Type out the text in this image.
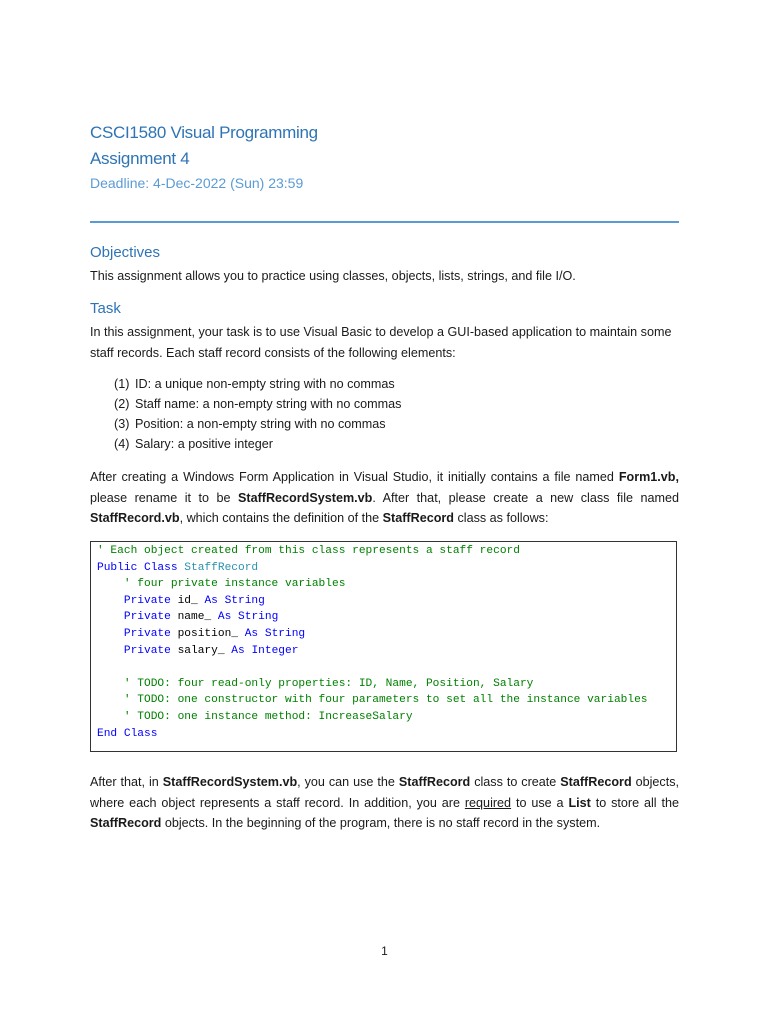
CSCI1580 Visual Programming
Assignment 4
Deadline: 4-Dec-2022 (Sun) 23:59
Objectives

This assignment allows you to practice using classes, objects, lists, strings, and file I/O.

Task

In this assignment, your task is to use Visual Basic to develop a GUI-based application to maintain some staff records. Each staff record consists of the following elements:

(1) ID: a unique non-empty string with no commas
(2) Staff name: a non-empty string with no commas
(3) Position: a non-empty string with no commas
(4) Salary: a positive integer

After creating a Windows Form Application in Visual Studio, it initially contains a file named Form1.vb, please rename it to be StaffRecordSystem.vb. After that, please create a new class file named StaffRecord.vb, which contains the definition of the StaffRecord class as follows:

' Each object created from this class represents a staff record
Public Class StaffRecord
' four private instance variables
Private id_ As String
Private name_ As String
Private position_ As String
Private salary_ As Integer
' TODO: four read-only properties: ID, Name, Position, Salary
' TODO: one constructor with four parameters to set all the instance variables
' TODO: one instance method: IncreaseSalary
End Class

After that, in StaffRecordSystem.vb, you can use the StaffRecord class to create StaffRecord objects, where each object represents a staff record. In addition, you are required to use a List to store all the StaffRecord objects. In the beginning of the program, there is no staff record in the system.

1
